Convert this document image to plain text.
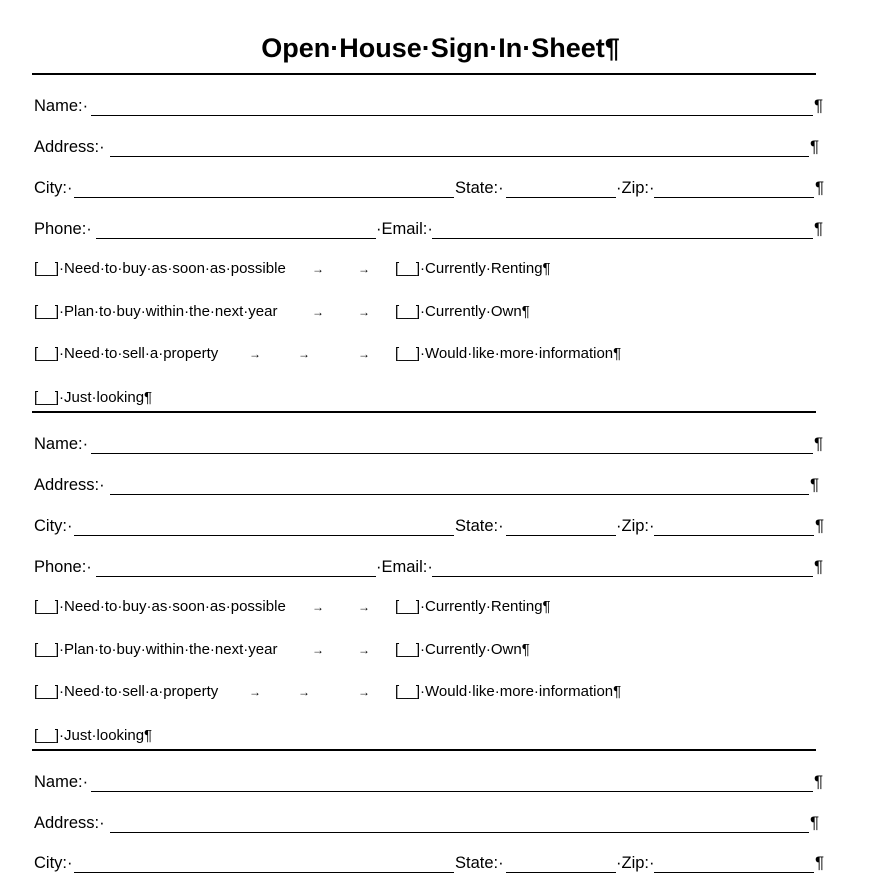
Open·House·Sign·In·Sheet¶
Name:·	¶
Address:·	¶
City:·	State:·	·Zip:·	¶
Phone:·	·Email:·	¶
[__]·Need·to·buy·as·soon·as·possible →	→ [__]·Currently·Renting¶
[__]·Plan·to·buy·within·the·next·year	→	→ [__]·Currently·Own¶
[__]·Need·to·sell·a·property	→	→	→ [__]·Would·like·more·information¶
[__]·Just·looking¶
Name:·	¶
Address:·	¶
City:·	State:·	·Zip:·	¶
Phone:·	·Email:·	¶
[__]·Need·to·buy·as·soon·as·possible →	→ [__]·Currently·Renting¶
[__]·Plan·to·buy·within·the·next·year	→	→ [__]·Currently·Own¶
[__]·Need·to·sell·a·property	→	→	→ [__]·Would·like·more·information¶
[__]·Just·looking¶
Name:·	¶
Address:·	¶
City:·	State:·	·Zip:·	¶
